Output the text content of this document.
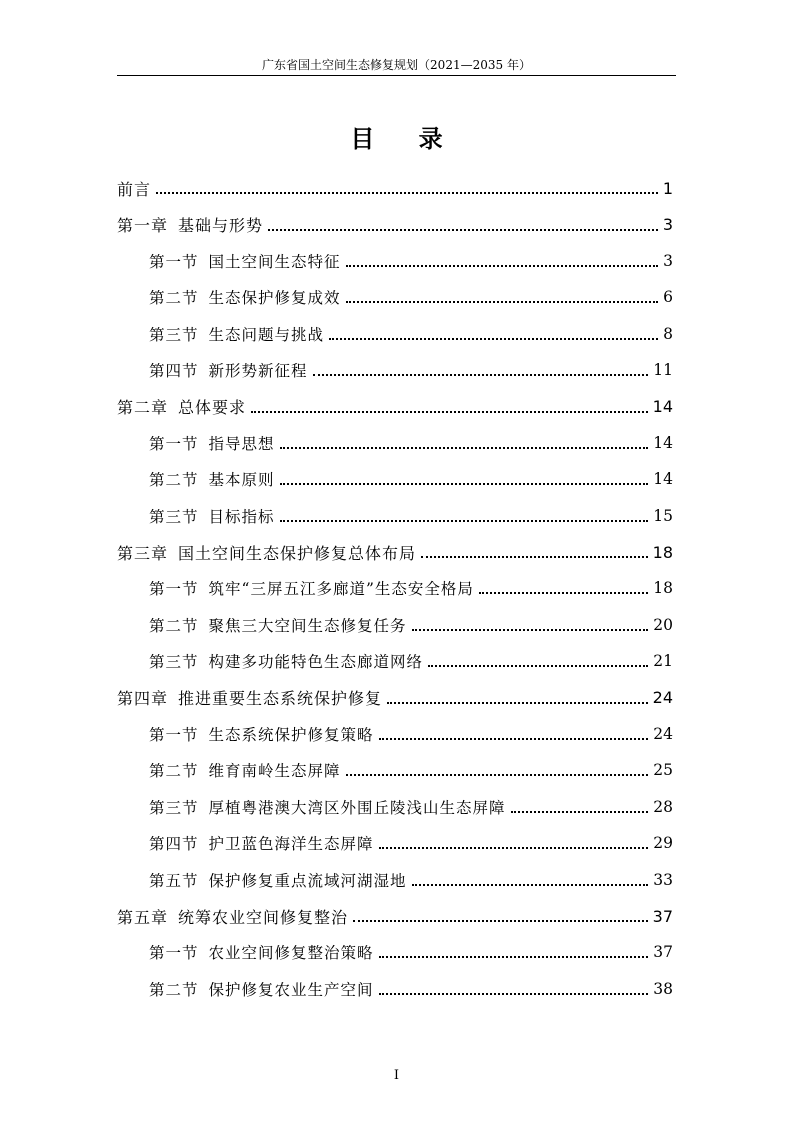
广东省国土空间生态修复规划（2021—2035 年）
目 录
前言	1
第一章 基础与形势	3
第一节 国土空间生态特征	3
第二节 生态保护修复成效	6
第三节 生态问题与挑战	8
第四节 新形势新征程	11
第二章 总体要求	14
第一节 指导思想	14
第二节 基本原则	14
第三节 目标指标	15
第三章 国土空间生态保护修复总体布局	18
第一节 筑牢“三屏五江多廊道”生态安全格局	18
第二节 聚焦三大空间生态修复任务	20
第三节 构建多功能特色生态廊道网络	21
第四章 推进重要生态系统保护修复	24
第一节 生态系统保护修复策略	24
第二节 维育南岭生态屏障	25
第三节 厚植粤港澳大湾区外围丘陵浅山生态屏障	28
第四节 护卫蓝色海洋生态屏障	29
第五节 保护修复重点流域河湖湿地	33
第五章 统筹农业空间修复整治	37
第一节 农业空间修复整治策略	37
第二节 保护修复农业生产空间	38
I
